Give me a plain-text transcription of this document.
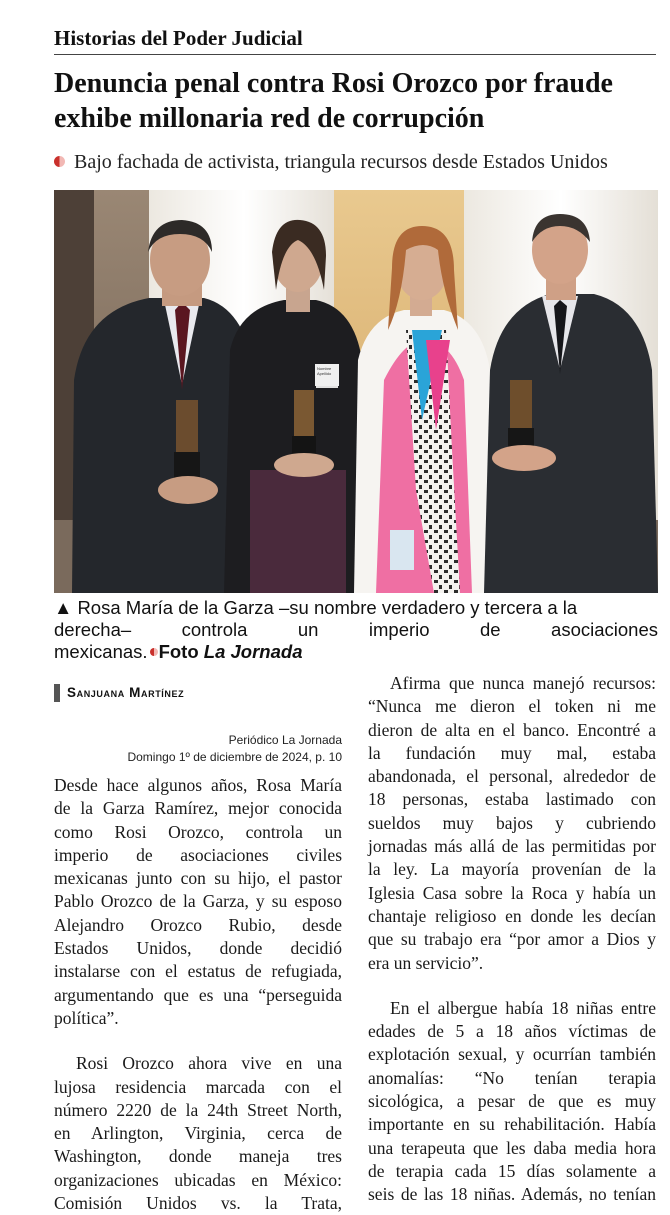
Historias del Poder Judicial
Denuncia penal contra Rosi Orozco por fraude
exhibe millonaria red de corrupción
Bajo fachada de activista, triangula recursos desde Estados Unidos
Nombre Apellido
▲ Rosa María de la Garza –su nombre verdadero y tercera a la
derecha– controla un imperio de asociaciones
mexicanas. Foto La Jornada
Sanjuana Martínez
Periódico La Jornada
Domingo 1º de diciembre de 2024, p. 10
Desde hace algunos años, Rosa María
de la Garza Ramírez, mejor conocida
como Rosi Orozco, controla un
imperio de asociaciones civiles
mexicanas junto con su hijo, el pastor
Pablo Orozco de la Garza, y su esposo
Alejandro Orozco Rubio, desde
Estados Unidos, donde decidió
instalarse con el estatus de refugiada,
argumentando que es una “perseguida
política”.
Rosi Orozco ahora vive en una
lujosa residencia marcada con el
número 2220 de la 24th Street North,
en Arlington, Virginia, cerca de
Washington, donde maneja tres
organizaciones ubicadas en México:
Comisión Unidos vs. la Trata,
Afirma que nunca manejó recursos:
“Nunca me dieron el token ni me
dieron de alta en el banco. Encontré a
la fundación muy mal, estaba
abandonada, el personal, alrededor de
18 personas, estaba lastimado con
sueldos muy bajos y cubriendo
jornadas más allá de las permitidas por
la ley. La mayoría provenían de la
Iglesia Casa sobre la Roca y había un
chantaje religioso en donde les decían
que su trabajo era “por amor a Dios y
era un servicio”.
En el albergue había 18 niñas entre
edades de 5 a 18 años víctimas de
explotación sexual, y ocurrían también
anomalías: “No tenían terapia
sicológica, a pesar de que es muy
importante en su rehabilitación. Había
una terapeuta que les daba media hora
de terapia cada 15 días solamente a
seis de las 18 niñas. Además, no tenían
